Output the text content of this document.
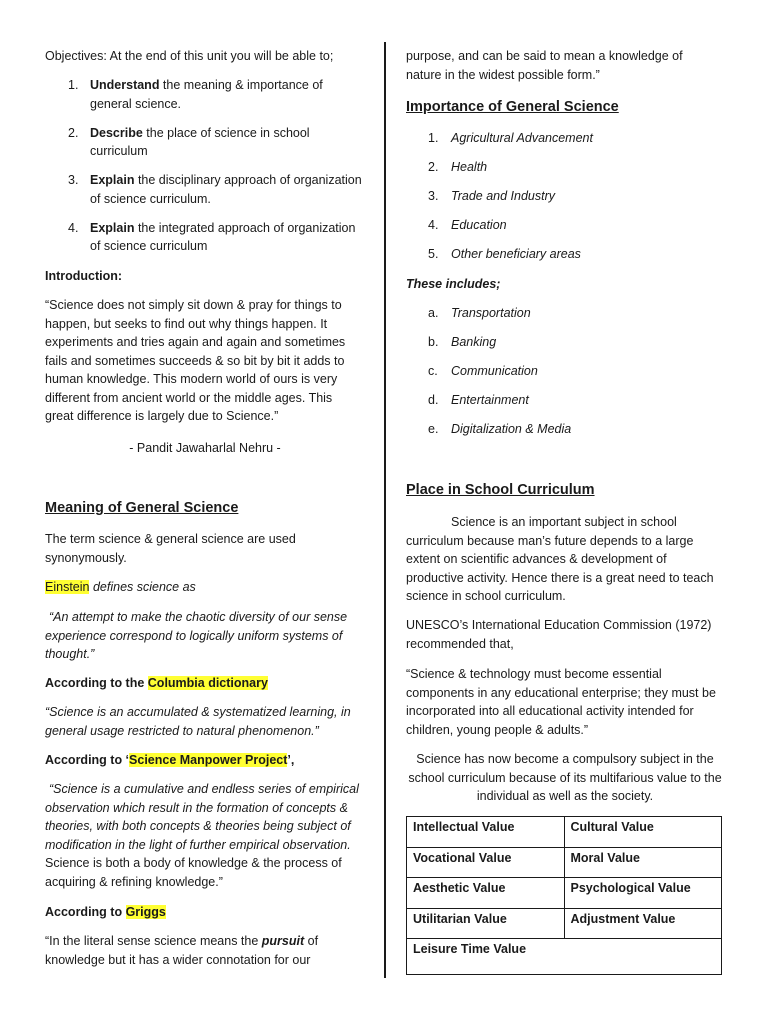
Objectives: At the end of this unit you will be able to;

1. Understand the meaning & importance of general science.
2. Describe the place of science in school curriculum
3. Explain the disciplinary approach of organization of science curriculum.
4. Explain the integrated approach of organization of science curriculum

Introduction:

“Science does not simply sit down & pray for things to happen, but seeks to find out why things happen. It experiments and tries again and again and sometimes fails and sometimes succeeds & so bit by bit it adds to human knowledge. This modern world of ours is very different from ancient world or the middle ages. This great difference is largely due to Science.”

- Pandit Jawaharlal Nehru -

Meaning of General Science

The term science & general science are used synonymously.

Einstein defines science as

“An attempt to make the chaotic diversity of our sense experience correspond to logically uniform systems of thought.”

According to the Columbia dictionary

“Science is an accumulated & systematized learning, in general usage restricted to natural phenomenon.”

According to ‘Science Manpower Project’,

“Science is a cumulative and endless series of empirical observation which result in the formation of concepts & theories, with both concepts & theories being subject of modification in the light of further empirical observation. Science is both a body of knowledge & the process of acquiring & refining knowledge.”

According to Griggs

“In the literal sense science means the pursuit of knowledge but it has a wider connotation for our

purpose, and can be said to mean a knowledge of nature in the widest possible form.”

Importance of General Science
1.	Agricultural Advancement
2.	Health
3.	Trade and Industry
4.	Education
5.	Other beneficiary areas

These includes;

a.	Transportation
b.	Banking
c.	Communication
d.	Entertainment
e.	Digitalization & Media
Place in School Curriculum

Science is an important subject in school curriculum because man’s future depends to a large extent on scientific advances & development of productive activity. Hence there is a great need to teach science in school curriculum.

UNESCO’s International Education Commission (1972) recommended that,

“Science & technology must become essential components in any educational enterprise; they must be incorporated into all educational activity intended for children, young people & adults.”

Science has now become a compulsory subject in the school curriculum because of its multifarious value to the individual as well as the society.

Intellectual Value	Cultural Value
Vocational Value	Moral Value
Aesthetic Value	Psychological Value
Utilitarian Value	Adjustment Value
Leisure Time Value	
